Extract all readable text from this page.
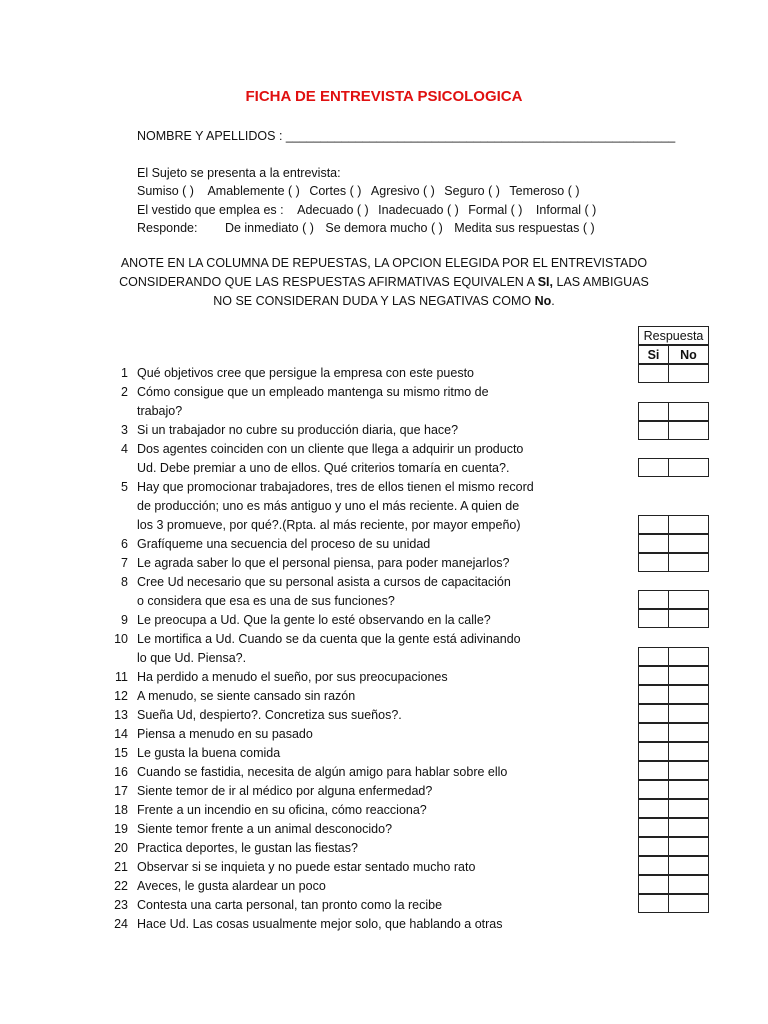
FICHA DE ENTREVISTA PSICOLOGICA
NOMBRE Y APELLIDOS : ________________________________________________________
El Sujeto se presenta a la entrevista:
Sumiso ( ) Amablemente ( ) Cortes ( ) Agresivo ( ) Seguro ( ) Temeroso ( )
El vestido que emplea es : Adecuado ( ) Inadecuado ( ) Formal ( ) Informal ( )
Responde: De inmediato ( ) Se demora mucho ( ) Medita sus respuestas ( )
ANOTE EN LA COLUMNA DE REPUESTAS, LA OPCION ELEGIDA POR EL ENTREVISTADO
CONSIDERANDO QUE LAS RESPUESTAS AFIRMATIVAS EQUIVALEN A SI, LAS AMBIGUAS
NO SE CONSIDERAN DUDA Y LAS NEGATIVAS COMO No.
Respuesta
Si	No
1 Qué objetivos cree que persigue la empresa con este puesto
2 Cómo consigue que un empleado mantenga su mismo ritmo de
trabajo?
3 Si un trabajador no cubre su producción diaria, que hace?
4 Dos agentes coinciden con un cliente que llega a adquirir un producto
Ud. Debe premiar a uno de ellos. Qué criterios tomaría en cuenta?.
5 Hay que promocionar trabajadores, tres de ellos tienen el mismo record
de producción; uno es más antiguo y uno el más reciente. A quien de
los 3 promueve, por qué?.(Rpta. al más reciente, por mayor empeño)
6 Grafíqueme una secuencia del proceso de su unidad
7 Le agrada saber lo que el personal piensa, para poder manejarlos?
8 Cree Ud necesario que su personal asista a cursos de capacitación
o considera que esa es una de sus funciones?
9 Le preocupa a Ud. Que la gente lo esté observando en la calle?
10 Le mortifica a Ud. Cuando se da cuenta que la gente está adivinando
lo que Ud. Piensa?.
11 Ha perdido a menudo el sueño, por sus preocupaciones
12 A menudo, se siente cansado sin razón
13 Sueña Ud, despierto?. Concretiza sus sueños?.
14 Piensa a menudo en su pasado
15 Le gusta la buena comida
16 Cuando se fastidia, necesita de algún amigo para hablar sobre ello
17 Siente temor de ir al médico por alguna enfermedad?
18 Frente a un incendio en su oficina, cómo reacciona?
19 Siente temor frente a un animal desconocido?
20 Practica deportes, le gustan las fiestas?
21 Observar si se inquieta y no puede estar sentado mucho rato
22 Aveces, le gusta alardear un poco
23 Contesta una carta personal, tan pronto como la recibe
24 Hace Ud. Las cosas usualmente mejor solo, que hablando a otras
